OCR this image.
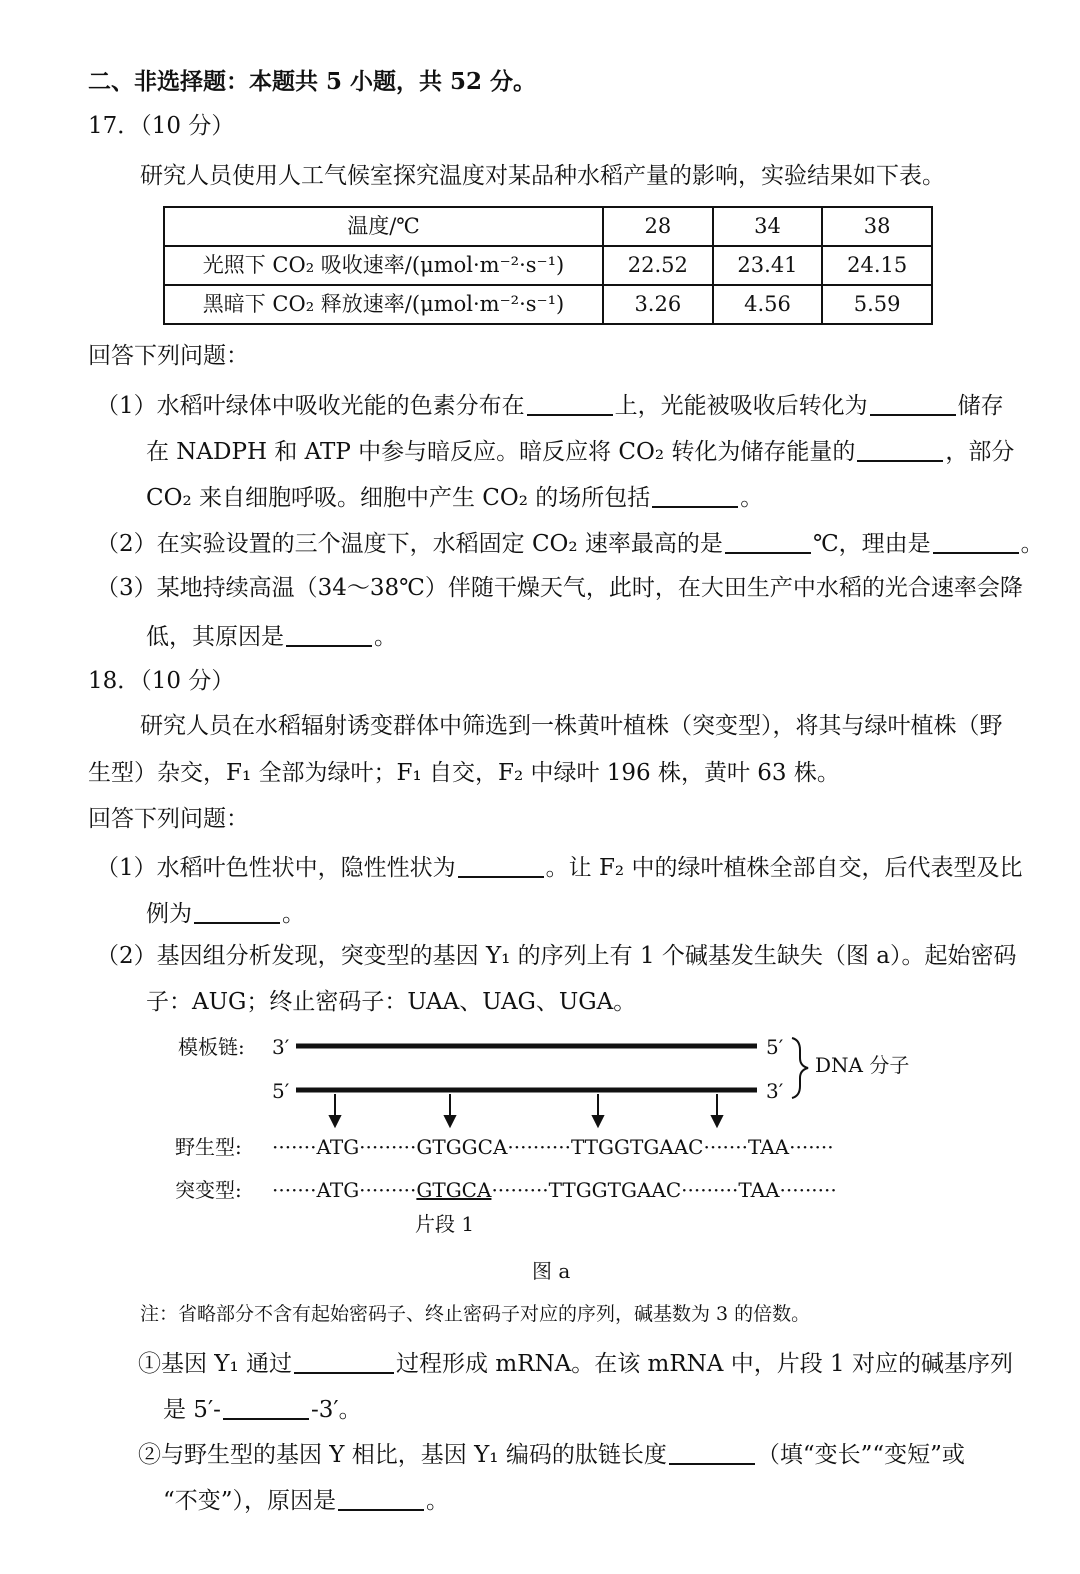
二、非选择题：本题共 5 小题，共 52 分。
17．（10 分）
研究人员使用人工气候室探究温度对某品种水稻产量的影响，实验结果如下表。
温度/℃	28	34	38
光照下 CO₂ 吸收速率/(μmol·m⁻²·s⁻¹)	22.52	23.41	24.15
黑暗下 CO₂ 释放速率/(μmol·m⁻²·s⁻¹)	3.26	4.56	5.59
回答下列问题：
（1）水稻叶绿体中吸收光能的色素分布在	上，光能被吸收后转化为	储存
在 NADPH 和 ATP 中参与暗反应。暗反应将 CO₂ 转化为储存能量的	，部分
CO₂ 来自细胞呼吸。细胞中产生 CO₂ 的场所包括	。
（2）在实验设置的三个温度下，水稻固定 CO₂ 速率最高的是	℃，理由是	。
（3）某地持续高温（34～38℃）伴随干燥天气，此时，在大田生产中水稻的光合速率会降
低，其原因是	。
18．（10 分）
研究人员在水稻辐射诱变群体中筛选到一株黄叶植株（突变型），将其与绿叶植株（野
生型）杂交，F₁ 全部为绿叶；F₁ 自交，F₂ 中绿叶 196 株，黄叶 63 株。
回答下列问题：
（1）水稻叶色性状中，隐性性状为	。让 F₂ 中的绿叶植株全部自交，后代表型及比
例为	。
（2）基因组分析发现，突变型的基因 Y₁ 的序列上有 1 个碱基发生缺失（图 a）。起始密码
子：AUG；终止密码子：UAA、UAG、UGA。
模板链: 3′	5′
5′	3′
DNA 分子
野生型: ·······ATG·········GTGGCA··········TTGGTGAAC·······TAA·······
突变型: ·······ATG·········GTGCA·········TTGGTGAAC·········TAA·········
片段 1
图 a
注：省略部分不含有起始密码子、终止密码子对应的序列，碱基数为 3 的倍数。
①基因 Y₁ 通过	过程形成 mRNA。在该 mRNA 中，片段 1 对应的碱基序列
是 5′-	-3′。
②与野生型的基因 Y 相比，基因 Y₁ 编码的肽链长度	（填“变长”“变短”或
“不变”），原因是	。
